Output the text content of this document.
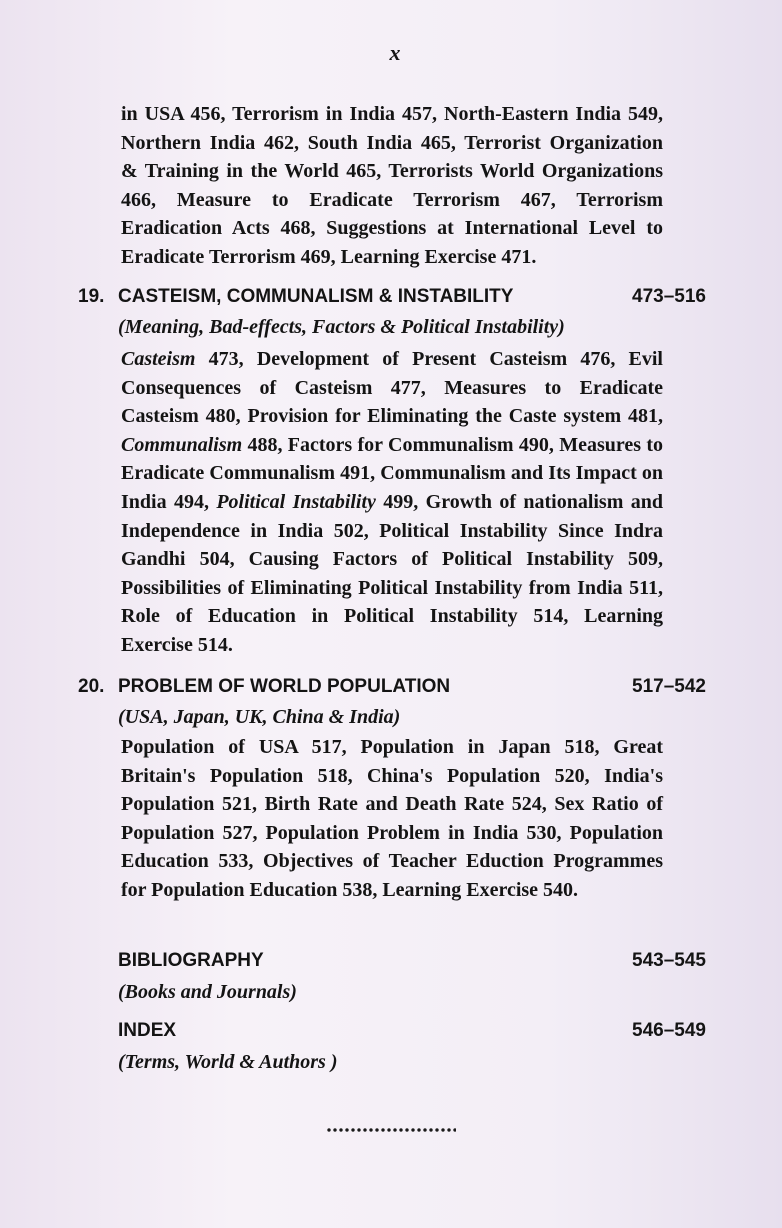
x
in USA 456, Terrorism in India 457, North-Eastern India 549,
Northern India 462, South India 465, Terrorist Organization
& Training in the World 465, Terrorists World Organizations
466, Measure to Eradicate Terrorism 467, Terrorism
Eradication Acts 468, Suggestions at International Level to
Eradicate Terrorism 469, Learning Exercise 471.
19. CASTEISM, COMMUNALISM & INSTABILITY	473–516
(Meaning, Bad-effects, Factors & Political Instability)

Casteism 473, Development of Present Casteism 476, Evil Consequences of Casteism 477, Measures to Eradicate Casteism 480, Provision for Eliminating the Caste system 481, Communalism 488, Factors for Communalism 490, Measures to Eradicate Communalism 491, Communalism and Its Impact on India 494, Political Instability 499, Growth of nationalism and Independence in India 502, Political Instability Since Indra Gandhi 504, Causing Factors of Political Instability 509, Possibilities of Eliminating Political Instability from India 511, Role of Education in Political Instability 514, Learning Exercise 514.

20. PROBLEM OF WORLD POPULATION	517–542
(USA, Japan, UK, China & India)

Population of USA 517, Population in Japan 518, Great Britain's Population 518, China's Population 520, India's Population 521, Birth Rate and Death Rate 524, Sex Ratio of Population 527, Population Problem in India 530, Population Education 533, Objectives of Teacher Eduction Programmes for Population Education 538, Learning Exercise 540.

BIBLIOGRAPHY	543–545
(Books and Journals)
INDEX	546–549
(Terms, World & Authors )
